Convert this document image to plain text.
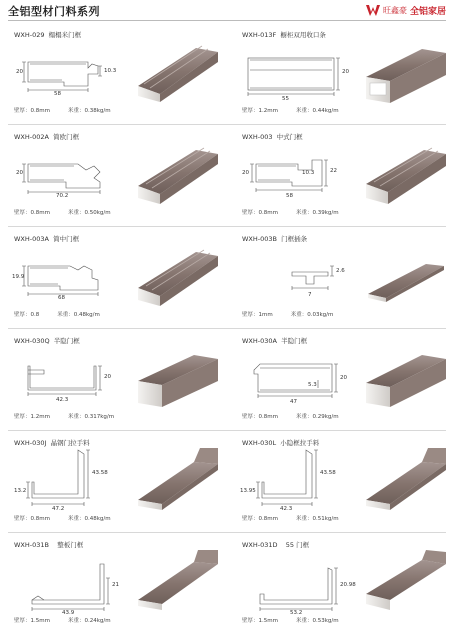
全铝型材门料系列	旺鑫豪 全铝家居
WXH-029 榻榻米门框
20
58
10.3
壁厚：0.8mm	米重：0.38kg/m
WXH-013F 橱柜双用收口条
20
55
壁厚：1.2mm	米重：0.44kg/m
WXH-002A 简欧门框
20
70.2
壁厚：0.8mm	米重：0.50kg/m
WXH-003 中式门框
20	10.3	22
58
壁厚：0.8mm	米重：0.39kg/m
WXH-003A 简中门框
19.9
68
壁厚：0.8	米重：0.48kg/m
WXH-003B 门框插条
2.6
7
壁厚：1mm	米重：0.03kg/m
WXH-030Q 半隐门框
20
42.3
壁厚：1.2mm	米重：0.317kg/m
WXH-030A 半隐门框
20
5.3
47
壁厚：0.8mm	米重：0.29kg/m
WXH-030J 晶钢门拉手料
43.58
13.2
47.2
壁厚：0.8mm	米重：0.48kg/m
WXH-030L 小隐框拉手料
43.58
13.95
42.3
壁厚：0.8mm	米重：0.51kg/m
WXH-031B 整板门框
21
43.9
壁厚：1.5mm	米重：0.24kg/m
WXH-031D 55 门框
20.98
53.2
壁厚：1.5mm	米重：0.53kg/m
